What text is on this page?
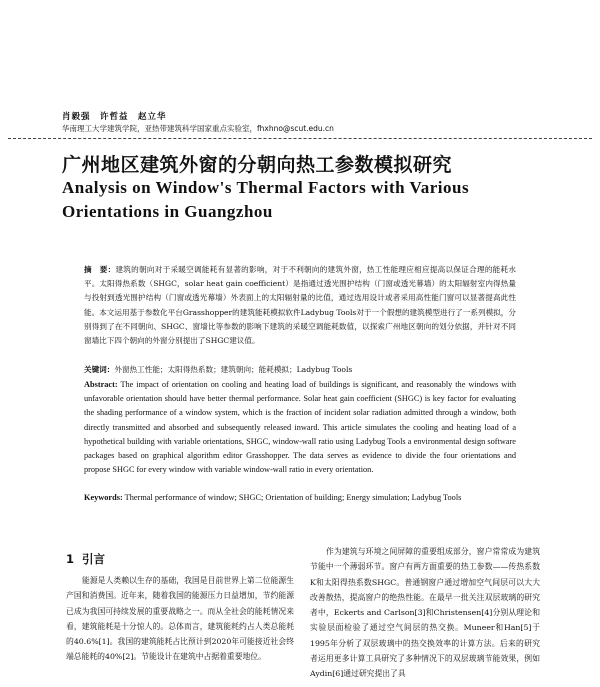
肖毅强　许哲益　赵立华
华南理工大学建筑学院，亚热带建筑科学国家重点实验室，fhxhno@scut.edu.cn
广州地区建筑外窗的分朝向热工参数模拟研究
Analysis on Window's Thermal Factors with Various Orientations in Guangzhou

摘　要：建筑的朝向对于采暖空调能耗有显著的影响，对于不利朝向的建筑外窗，热工性能理应相应提高以保证合理的能耗水平。太阳得热系数（SHGC，solar heat gain coefficient）是指通过透光围护结构（门窗或透光幕墙）的太阳辐射室内得热量与投射到透光围护结构（门窗或透光幕墙）外表面上的太阳辐射量的比值，通过选用设计或者采用高性能门窗可以显著提高此性能。本文运用基于参数化平台Grasshopper的建筑能耗模拟软件Ladybug Tools对于一个假想的建筑模型进行了一系列模拟，分别得到了在不同朝向、SHGC、窗墙比等参数的影响下建筑的采暖空调能耗数值，以探索广州地区朝向的划分依据，并针对不同窗墙比下四个朝向的外窗分别提出了SHGC建议值。

关键词：外窗热工性能；太阳得热系数；建筑朝向；能耗模拟；Ladybug Tools

Abstract: The impact of orientation on cooling and heating load of buildings is significant, and reasonably the windows with unfavorable orientation should have better thermal performance. Solar heat gain coefficient (SHGC) is key factor for evaluating the shading performance of a window system, which is the fraction of incident solar radiation admitted through a window, both directly transmitted and absorbed and subsequently released inward. This article simulates the cooling and heating load of a hypothetical building with variable orientations, SHGC, window-wall ratio using Ladybug Tools a environmental design software packages based on graphical algorithm editor Grasshopper. The data serves as evidence to divide the four orientations and propose SHGC for every window with variable window-wall ratio in every orientation.

Keywords: Thermal performance of window; SHGC; Orientation of building; Energy simulation; Ladybug Tools

1 引言

能源是人类赖以生存的基础，我国是目前世界上第二位能源生产国和消费国。近年来，随着我国的能源压力日益增加，节约能源已成为我国可持续发展的重要战略之一。而从全社会的能耗情况来看，建筑能耗是十分惊人的。总体而言，建筑能耗约占人类总能耗的40.6%[1]。我国的建筑能耗占比预计到2020年可能接近社会终端总能耗的40%[2]。节能设计在建筑中占据着重要地位。

作为建筑与环境之间屏障的重要组成部分，窗户常常成为建筑节能中一个薄弱环节。窗户有两方面重要的热工参数——传热系数K和太阳得热系数SHGC。普通钢窗户通过增加空气间层可以大大改善散热，提高窗户的绝热性能。在最早一批关注双层玻璃的研究者中，Eckerts and Carlson[3]和Christensen[4]分别从理论和实验层面检验了通过空气间层的热交换。Muneer和Han[5]于1995年分析了双层玻璃中的热交换效率的计算方法。后来的研究者运用更多计算工具研究了多种情况下的双层玻璃节能效果，例如Aydin[6]通过研究提出了具
